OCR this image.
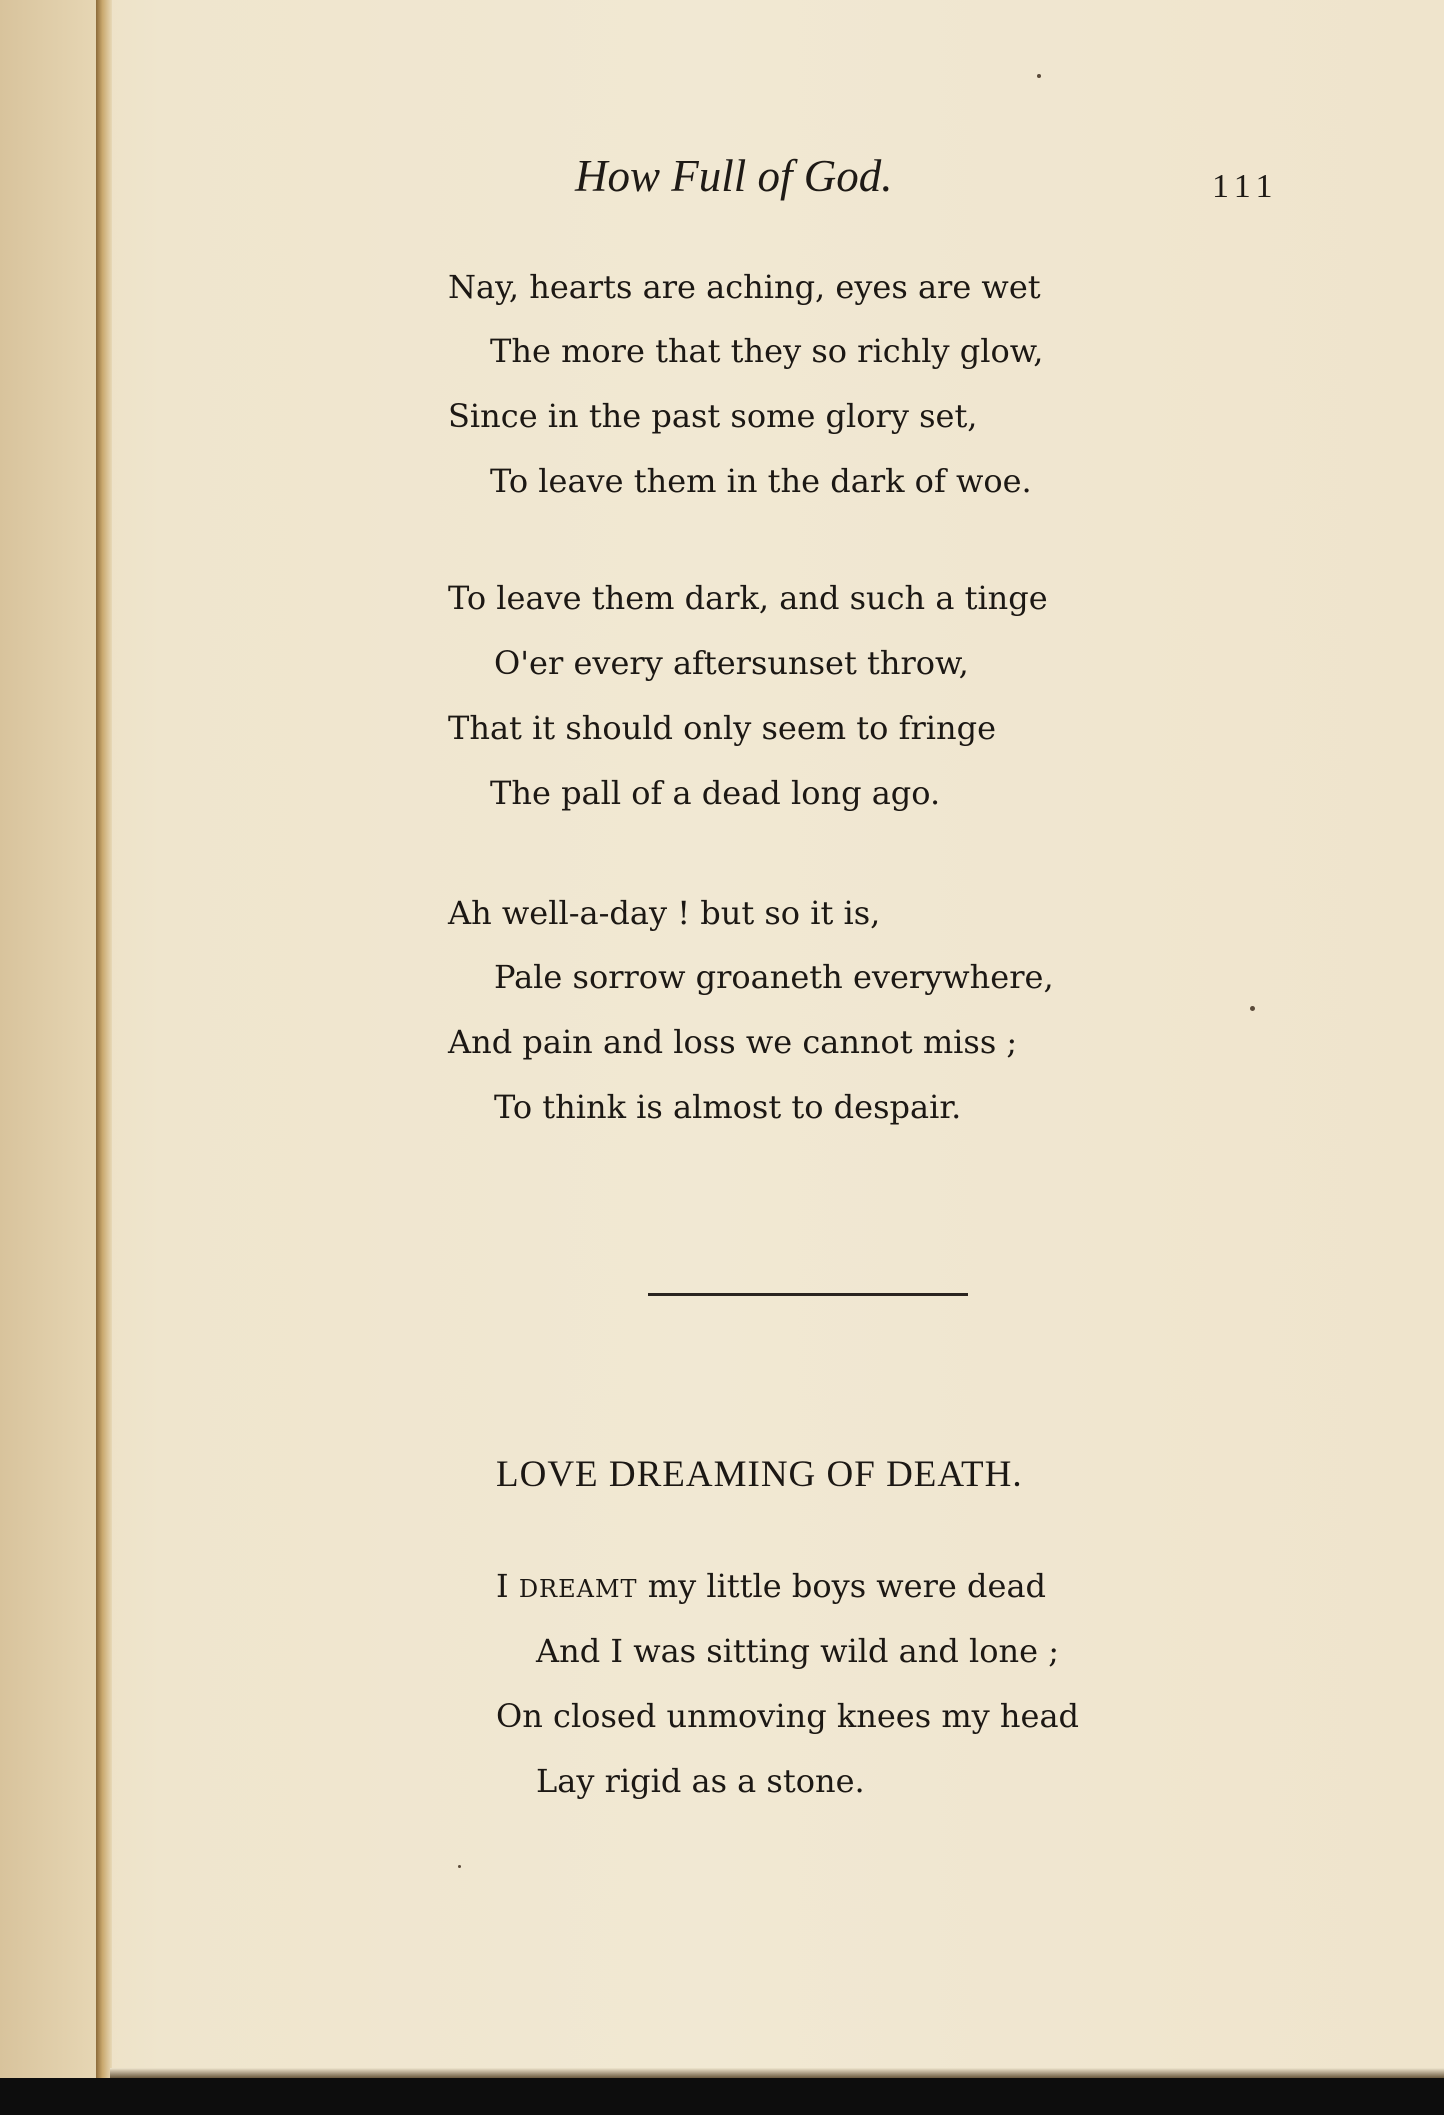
How Full of God.	111
Nay, hearts are aching, eyes are wet
The more that they so richly glow,
Since in the past some glory set,
To leave them in the dark of woe.
To leave them dark, and such a tinge
O'er every aftersunset throw,
That it should only seem to fringe
The pall of a dead long ago.
Ah well-a-day ! but so it is,
Pale sorrow groaneth everywhere,
And pain and loss we cannot miss ;
To think is almost to despair.
LOVE DREAMING OF DEATH.
I DREAMT my little boys were dead
And I was sitting wild and lone ;
On closed unmoving knees my head
Lay rigid as a stone.
